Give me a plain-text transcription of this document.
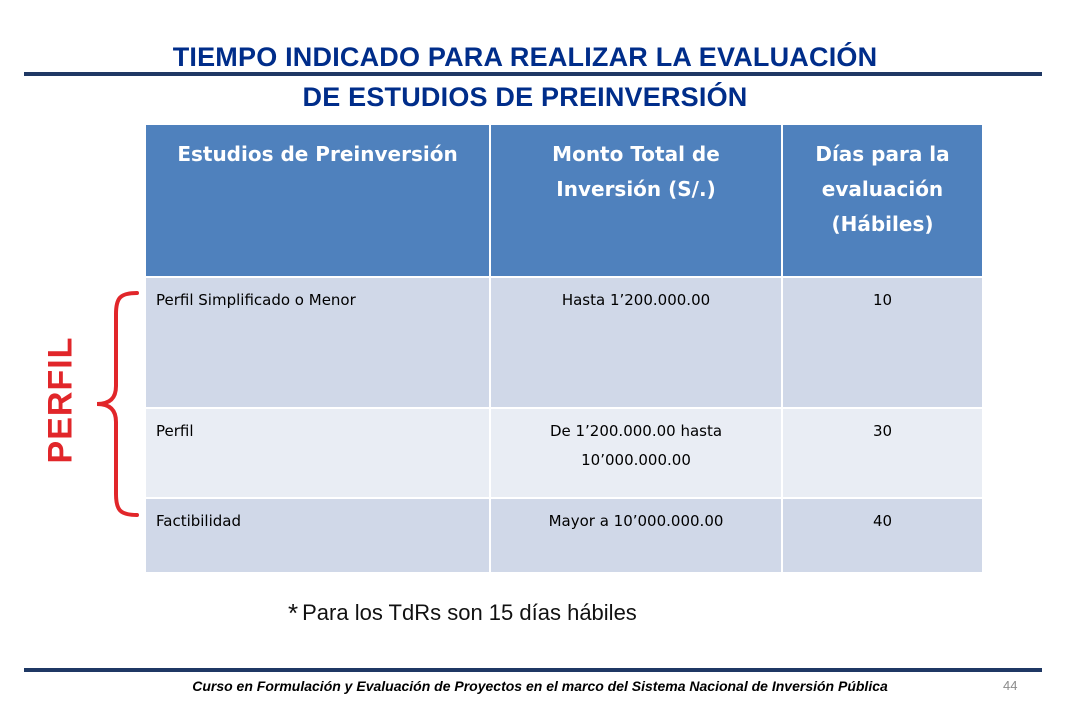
TIEMPO INDICADO PARA REALIZAR LA EVALUACIÓN
DE ESTUDIOS DE PREINVERSIÓN
Estudios de Preinversión	Monto Total de Inversión (S/.)	Días para la evaluación (Hábiles)
Perfil Simplificado o Menor	Hasta 1’200.000.00	10
Perfil	De 1’200.000.00 hasta 10’000.000.00	30
Factibilidad	Mayor a 10’000.000.00	40
PERFIL
* Para los TdRs son 15 días hábiles
Curso en Formulación y Evaluación de Proyectos en el marco del Sistema Nacional de Inversión Pública	44
